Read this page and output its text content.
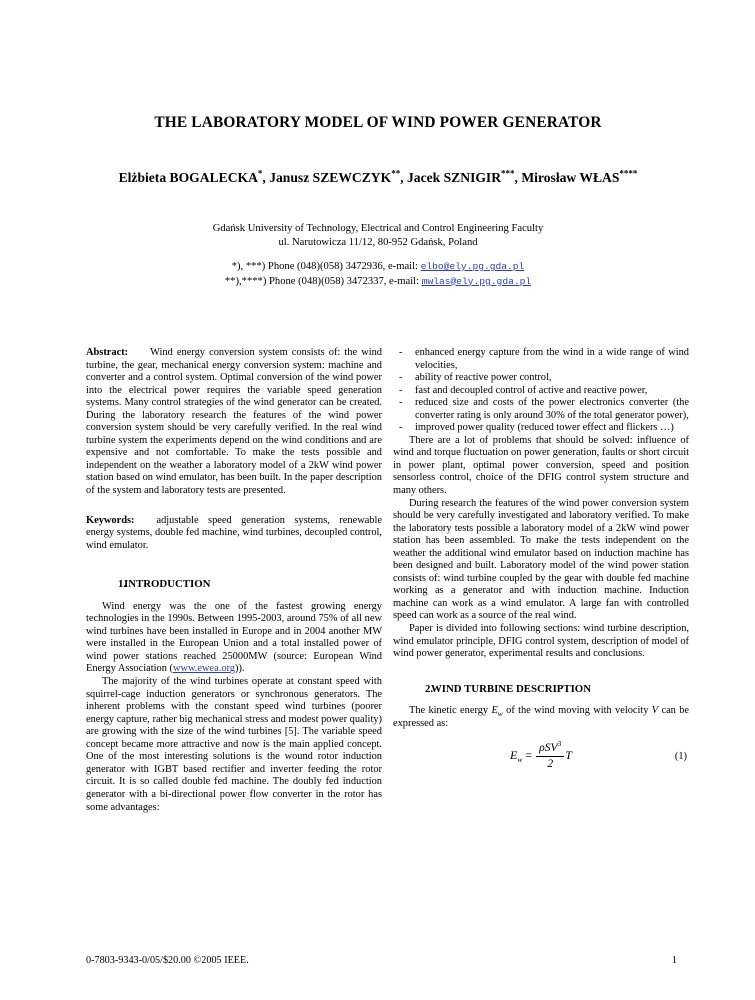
THE LABORATORY MODEL OF WIND POWER GENERATOR
Elżbieta BOGALECKA*, Janusz SZEWCZYK**, Jacek SZNIGIR***, Mirosław WŁAS****
Gdańsk University of Technology, Electrical and Control Engineering Faculty
ul. Narutowicza 11/12, 80-952 Gdańsk, Poland
*), ***) Phone (048)(058) 3472936, e-mail: elbo@ely.pg.gda.pl
**),****) Phone (048)(058) 3472337, e-mail: mwlas@ely.pg.gda.pl

Abstract: Wind energy conversion system consists of: the wind turbine, the gear, mechanical energy conversion system: machine and converter and a control system. Optimal conversion of the wind power into the electrical power requires the variable speed generation systems. Many control strategies of the wind generator can be created. During the laboratory research the features of the wind power conversion system should be very carefully verified. In the real wind turbine system the experiments depend on the wind conditions and are expensive and not comfortable. To make the tests possible and independent on the weather a laboratory model of a 2kW wind power station based on wind emulator, has been built. In the paper description of the system and laboratory tests are presented.

Keywords: adjustable speed generation systems, renewable energy systems, double fed machine, wind turbines, decoupled control, wind emulator.

1.INTRODUCTION

Wind energy was the one of the fastest growing energy technologies in the 1990s. Between 1995-2003, around 75% of all new wind turbines have been installed in Europe and in 2004 another MW were installed in the European Union and a total installed power of wind power stations reached 25000MW (source: European Wind Energy Association (www.ewea.org)).

The majority of the wind turbines operate at constant speed with squirrel-cage induction generators or synchronous generators. The inherent problems with the constant speed wind turbines (poorer energy capture, rather big mechanical stress and modest power quality) are growing with the size of the wind turbines [5]. The variable speed concept became more attractive and now is the main applied concept. One of the most interesting solutions is the wound rotor induction generator with IGBT based rectifier and inverter feeding the rotor circuit. It is so called double fed machine. The doubly fed induction generator with a bi-directional power flow converter in the rotor has some advantages:

- enhanced energy capture from the wind in a wide range of wind velocities,
- ability of reactive power control,
- fast and decoupled control of active and reactive power,
- reduced size and costs of the power electronics converter (the converter rating is only around 30% of the total generator power),
- improved power quality (reduced tower effect and flickers …)

There are a lot of problems that should be solved: influence of wind and torque fluctuation on power generation, faults or short circuit in power plant, optimal power conversion, speed and position sensorless control, choice of the DFIG control system structure and many others.

During research the features of the wind power conversion system should be very carefully investigated and laboratory verified. To make the laboratory tests possible a laboratory model of a 2kW wind power station has been assembled. To make the tests independent on the weather the additional wind emulator based on induction machine has been designed and built. Laboratory model of the wind power station consists of: wind turbine coupled by the gear with double fed machine working as a generator and with induction machine. Induction machine can work as a wind emulator. A large fan with controlled speed can work as a source of the real wind.

Paper is divided into following sections: wind turbine description, wind emulator principle, DFIG control system, description of model of wind power generator, experimental results and conclusions.

2.WIND TURBINE DESCRIPTION

The kinetic energy $E_w$ of the wind moving with velocity V can be expressed as:

$E_w = \frac{\rho SV^3}{2}$ T	(1)
0-7803-9343-0/05/$20.00 ©2005 IEEE.	1
